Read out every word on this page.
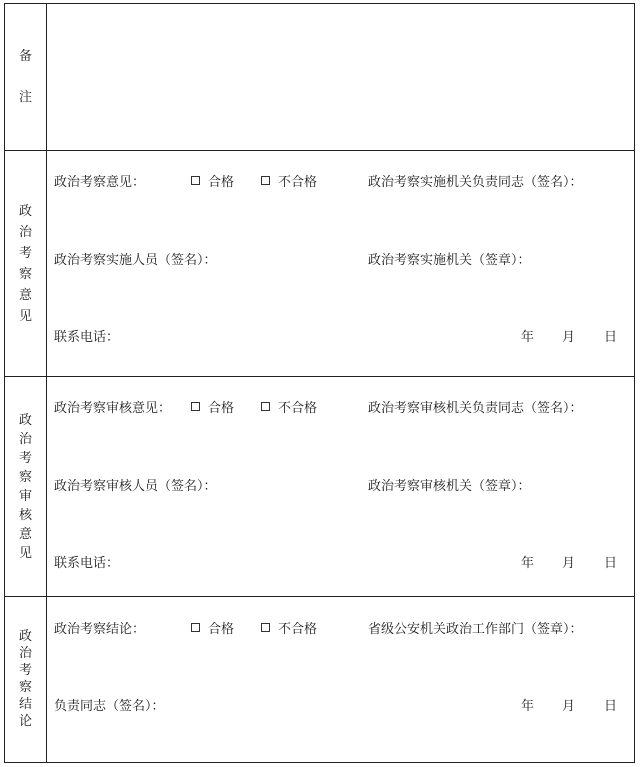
备
注
政
治
考
察
意
见
政治考察意见：	合格	不合格	政治考察实施机关负责同志（签名）：
政治考察实施人员（签名）：	政治考察实施机关（签章）：
联系电话：	年 月 日
政
治
考
察
审
核
意
见
政治考察审核意见：	合格	不合格	政治考察审核机关负责同志（签名）：
政治考察审核人员（签名）：	政治考察审核机关（签章）：
联系电话：	年 月 日
政
治
考
察
结
论
政治考察结论：	合格	不合格	省级公安机关政治工作部门（签章）：
负责同志（签名）：	年 月 日
